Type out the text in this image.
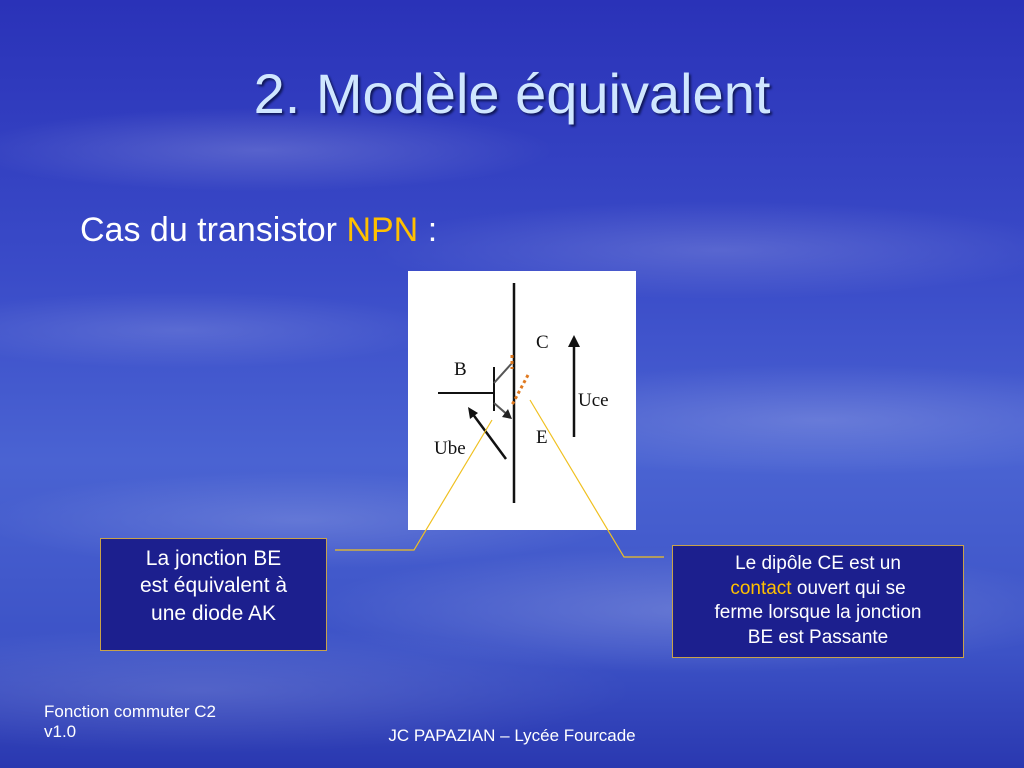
2. Modèle équivalent
Cas du transistor NPN :
C
B
E
Uce
Ube
La jonction BE
est équivalent à
une diode AK
Le dipôle CE est un
contact ouvert qui se
ferme lorsque la jonction
BE est Passante
Fonction commuter C2
v1.0	JC PAPAZIAN – Lycée Fourcade
